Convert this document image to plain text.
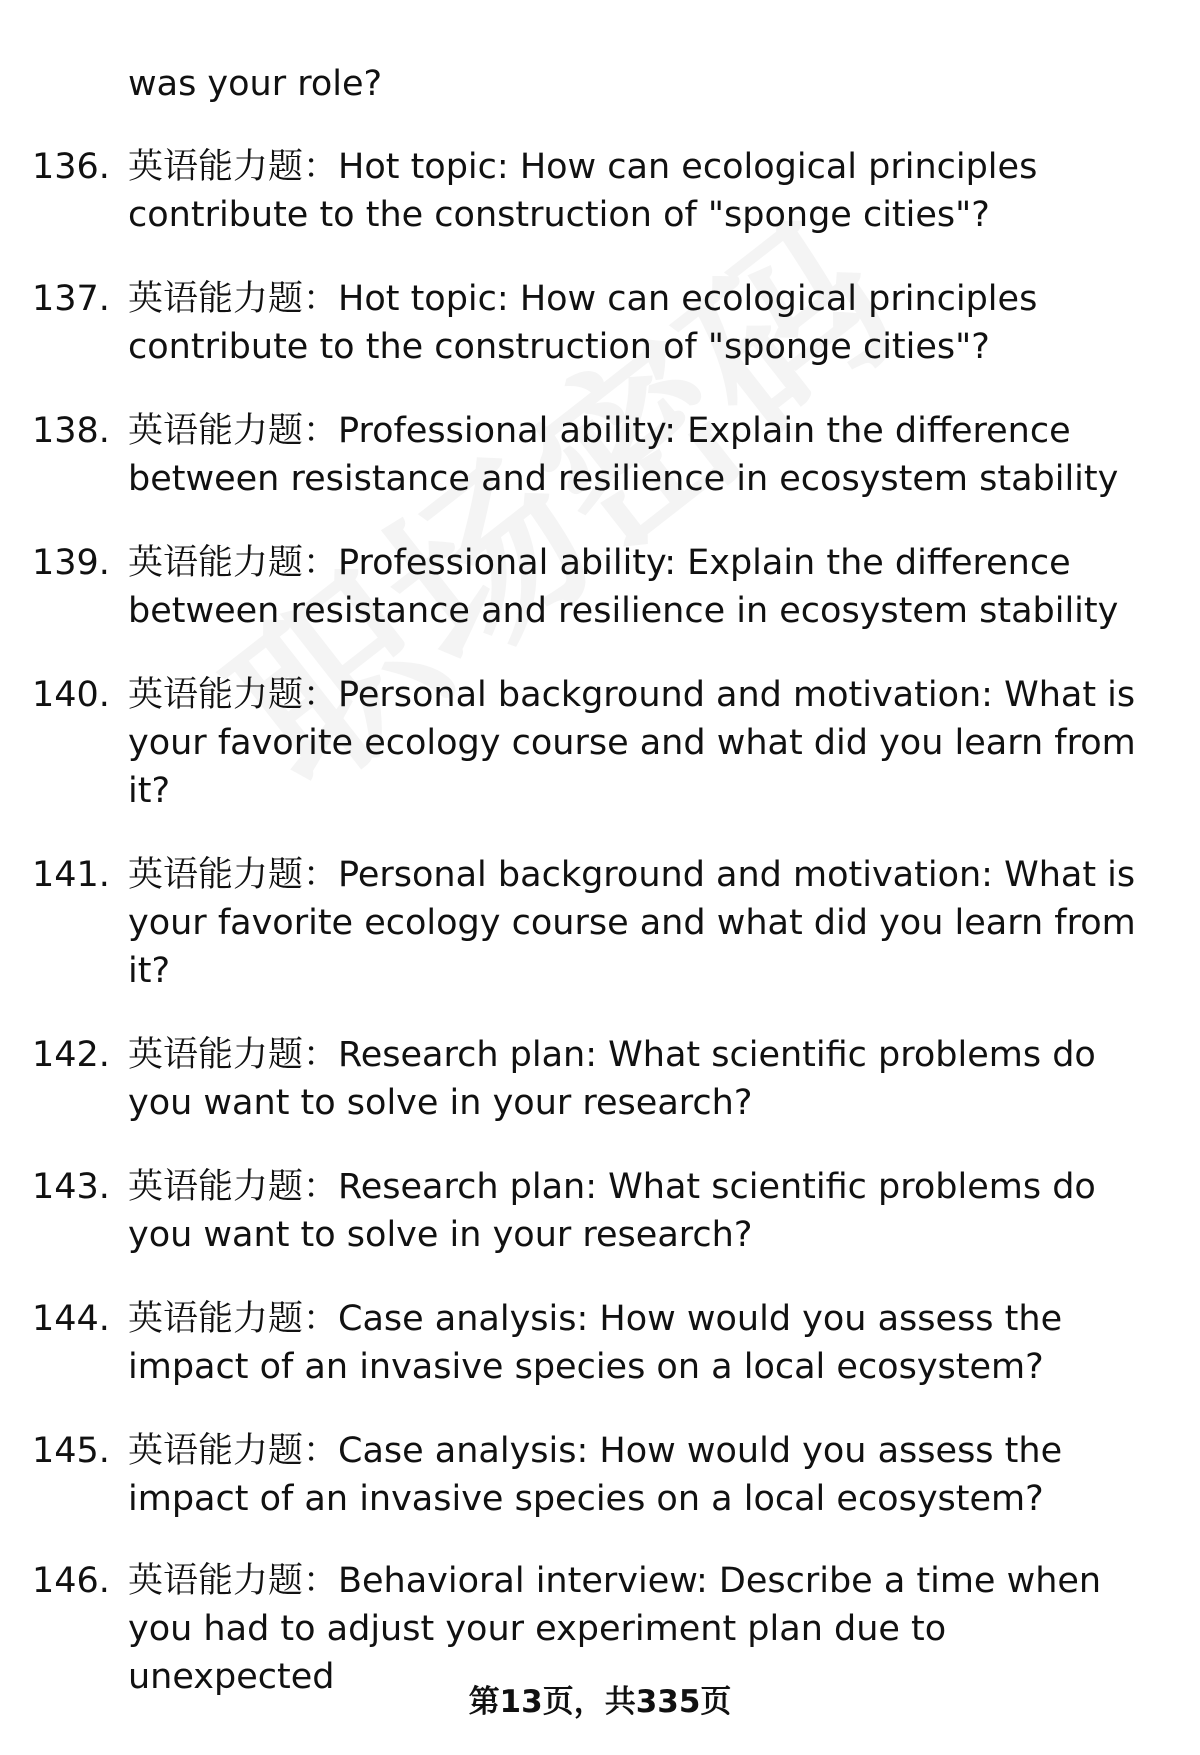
was your role?
136. 英语能力题：Hot topic: How can ecological principles contribute to the construction of "sponge cities"?
137. 英语能力题：Hot topic: How can ecological principles contribute to the construction of "sponge cities"?
138. 英语能力题：Professional ability: Explain the difference between resistance and resilience in ecosystem stability
139. 英语能力题：Professional ability: Explain the difference between resistance and resilience in ecosystem stability
140. 英语能力题：Personal background and motivation: What is your favorite ecology course and what did you learn from it?
141. 英语能力题：Personal background and motivation: What is your favorite ecology course and what did you learn from it?
142. 英语能力题：Research plan: What scientific problems do you want to solve in your research?
143. 英语能力题：Research plan: What scientific problems do you want to solve in your research?
144. 英语能力题：Case analysis: How would you assess the impact of an invasive species on a local ecosystem?
145. 英语能力题：Case analysis: How would you assess the impact of an invasive species on a local ecosystem?
146. 英语能力题：Behavioral interview: Describe a time when you had to adjust your experiment plan due to unexpected
第13页，共335页
